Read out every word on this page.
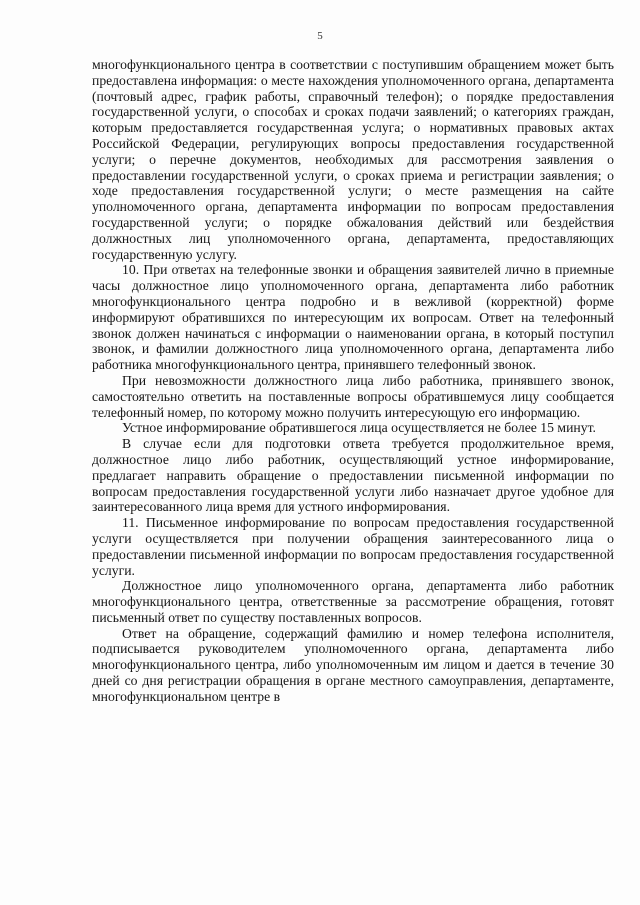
5

многофункционального центра в соответствии с поступившим обращением может быть предоставлена информация: о месте нахождения уполномоченного органа, департамента (почтовый адрес, график работы, справочный телефон); о порядке предоставления государственной услуги, о способах и сроках подачи заявлений; о категориях граждан, которым предоставляется государственная услуга; о нормативных правовых актах Российской Федерации, регулирующих вопросы предоставления государственной услуги; о перечне документов, необходимых для рассмотрения заявления о предоставлении государственной услуги, о сроках приема и регистрации заявления; о ходе предоставления государственной услуги; о месте размещения на сайте уполномоченного органа, департамента информации по вопросам предоставления государственной услуги; о порядке обжалования действий или бездействия должностных лиц уполномоченного органа, департамента, предоставляющих государственную услугу.

10. При ответах на телефонные звонки и обращения заявителей лично в приемные часы должностное лицо уполномоченного органа, департамента либо работник многофункционального центра подробно и в вежливой (корректной) форме информируют обратившихся по интересующим их вопросам. Ответ на телефонный звонок должен начинаться с информации о наименовании органа, в который поступил звонок, и фамилии должностного лица уполномоченного органа, департамента либо работника многофункционального центра, принявшего телефонный звонок.

При невозможности должностного лица либо работника, принявшего звонок, самостоятельно ответить на поставленные вопросы обратившемуся лицу сообщается телефонный номер, по которому можно получить интересующую его информацию.

Устное информирование обратившегося лица осуществляется не более 15 минут.

В случае если для подготовки ответа требуется продолжительное время, должностное лицо либо работник, осуществляющий устное информирование, предлагает направить обращение о предоставлении письменной информации по вопросам предоставления государственной услуги либо назначает другое удобное для заинтересованного лица время для устного информирования.

11. Письменное информирование по вопросам предоставления государственной услуги осуществляется при получении обращения заинтересованного лица о предоставлении письменной информации по вопросам предоставления государственной услуги.

Должностное лицо уполномоченного органа, департамента либо работник многофункционального центра, ответственные за рассмотрение обращения, готовят письменный ответ по существу поставленных вопросов.

Ответ на обращение, содержащий фамилию и номер телефона исполнителя, подписывается руководителем уполномоченного органа, департамента либо многофункционального центра, либо уполномоченным им лицом и дается в течение 30 дней со дня регистрации обращения в органе местного самоуправления, департаменте, многофункциональном центре в
